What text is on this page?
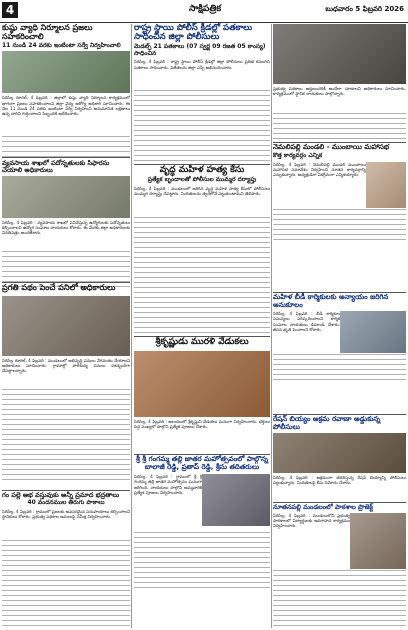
4	సాక్షిపత్రిక	బుధవారం 5 ఫిబ్రవరి 2026
కుష్ఠు వ్యాధి నిర్మూలన ప్రజలు సహకరించాలి
11 నుండి 24 వరకు ఇంటింటా సర్వే నిర్వహించాలి
సిరిసిల్ల రూరల్, 4 ఫిబ్రవరి : జిల్లాలో కుష్ఠు వ్యాధి నిర్మూలన కార్యక్రమంలో భాగంగా ప్రజలు సహకరించాలని జిల్లా వైద్య ఆరోగ్య అధికారి సూచించారు. ఈ నెల 11 నుండి 24 వరకు ఇంటింటా సర్వే నిర్వహించి అనుమానిత లక్షణాలు ఉన్న వారిని గుర్తించాలని సిబ్బందికి ఆదేశించారు.
వ్యవసాయ శాఖలో పదోన్నతులకు సిఫారసు చేయాలి అధికారులు
సిరిసిల్ల, 4 ఫిబ్రవరి : వ్యవసాయ శాఖలో పనిచేస్తున్న ఉద్యోగులకు పదోన్నతులు కల్పించాలని ఉద్యోగ సంఘాల నాయకులు కోరారు. ఈ మేరకు జిల్లా అధికారులకు వినతిపత్రం అందజేశారు.
ప్రగతి పథం పెంచే పనిలో అధికారులు
సిరిసిల్ల రూరల్, 4 ఫిబ్రవరి : మండలంలో అభివృద్ధి పనులు వేగవంతం చేయాలని అధికారులు సూచించారు. గ్రామాల్లో పారిశుధ్య పనులు పకడ్బందీగా చేపట్టాలన్నారు.
గం పల్లె అభ వస్తువుకు అన్నీ ప్రమాద భద్రతాలు
40 వందనముల తిరుగు పాఠాలు
సిరిసిల్ల, 4 ఫిబ్రవరి : గ్రామంలో ప్రజలకు అవసరమైన సదుపాయాలు కల్పించాలని స్థానికులు కోరారు. ప్రభుత్వ పథకాల అమలుపై సమీక్ష నిర్వహించారు.
రాష్ట్ర స్థాయి పోలీస్ క్రీడల్లో పతకాలు సాధించిన జిల్లా పోలీసులు
మెడల్స్ 21 పతకాలు (07 స్వర్ణ 09 రజత 05 కాంస్య) సాధించిన
సిరిసిల్ల, 4 ఫిబ్రవరి : రాష్ట్ర స్థాయి పోలీస్ క్రీడల్లో జిల్లా పోలీసులు ప్రతిభ కనబరిచి పతకాలు సాధించారు. విజేతలను జిల్లా ఎస్పీ అభినందించారు.
వృద్ధ మహిళ హత్య కేసు
ప్రత్యేక బృందాలతో పోలీసుల ముమ్మర దర్యాప్తు
సిరిసిల్ల, 4 ఫిబ్రవరి : మండలంలో జరిగిన వృద్ధ మహిళ హత్య కేసులో పోలీసులు ముమ్మర దర్యాప్తు చేపట్టారు. నిందితులను త్వరలోనే పట్టుకుంటామని తెలిపారు.
శ్రీకృష్ణుడు మురళి వేడుకలు
సిరిసిల్ల, 4 ఫిబ్రవరి : ఆలయంలో శ్రీకృష్ణుని వేడుకలు ఘనంగా నిర్వహించారు. భక్తులు పెద్ద సంఖ్యలో పాల్గొని ప్రత్యేక పూజలు చేశారు.
శ్రీ శ్రీ గంగమ్మ తల్లి జాతర మహోత్సవంలో పాల్గొన్న బాలాజీ రెడ్డి, ప్రతాప్ రెడ్డి, శ్రీను తదితరులు
సిరిసిల్ల, 4 ఫిబ్రవరి : గ్రామంలో శ్రీ శ్రీ గంగమ్మ తల్లి జాతర మహోత్సవం ఘనంగా జరిగింది. నాయకులు పాల్గొని అమ్మవారికి ప్రత్యేక పూజలు నిర్వహించారు.
ప్రభుత్వ పథకాలు అర్హులందరికీ అందేలా చూడాలని అధికారులు సూచించారు. కార్యక్రమంలో స్థానిక నాయకులు పాల్గొన్నారు.
నెమలిపల్లి మండలి - ముంబాయి మహాసభ
కొత్త కార్యవర్గం ఎన్నిక
సిరిసిల్ల, 4 ఫిబ్రవరి : నెమలిపల్లి మండలి ముంబాయి మహాసభ సమావేశం నిర్వహించి నూతన కార్యవర్గాన్ని ఎన్నుకున్నారు. అధ్యక్షుడిగా ఏకగ్రీవంగా ఎన్నికయ్యారు.
మహిళ బీడీ కార్మికులకు అన్యాయం జరిగిన అనుకూలం
సిరిసిల్ల, 4 ఫిబ్రవరి : బీడీ కార్మికుల సమస్యలు పరిష్కరించాలని కార్మిక సంఘాల నాయకులు డిమాండ్ చేశారు. జీవన భృతి పెంచాలని కోరారు.
రేషన్ బియ్యం అక్రమ రవాణా అడ్డుకున్న పోలీసులు
సిరిసిల్ల, 4 ఫిబ్రవరి : అక్రమంగా తరలిస్తున్న రేషన్ బియ్యాన్ని పోలీసులు పట్టుకున్నారు. నిందితులపై కేసు నమోదు చేశారు.
నూతనపల్లి మండలంలో పాఠశాల ప్రొజెక్ట్
సిరిసిల్ల, 4 ఫిబ్రవరి : మండలంలోని ప్రభుత్వ పాఠశాలలో విద్యార్థులకు అవగాహన కార్యక్రమం నిర్వహించారు.
